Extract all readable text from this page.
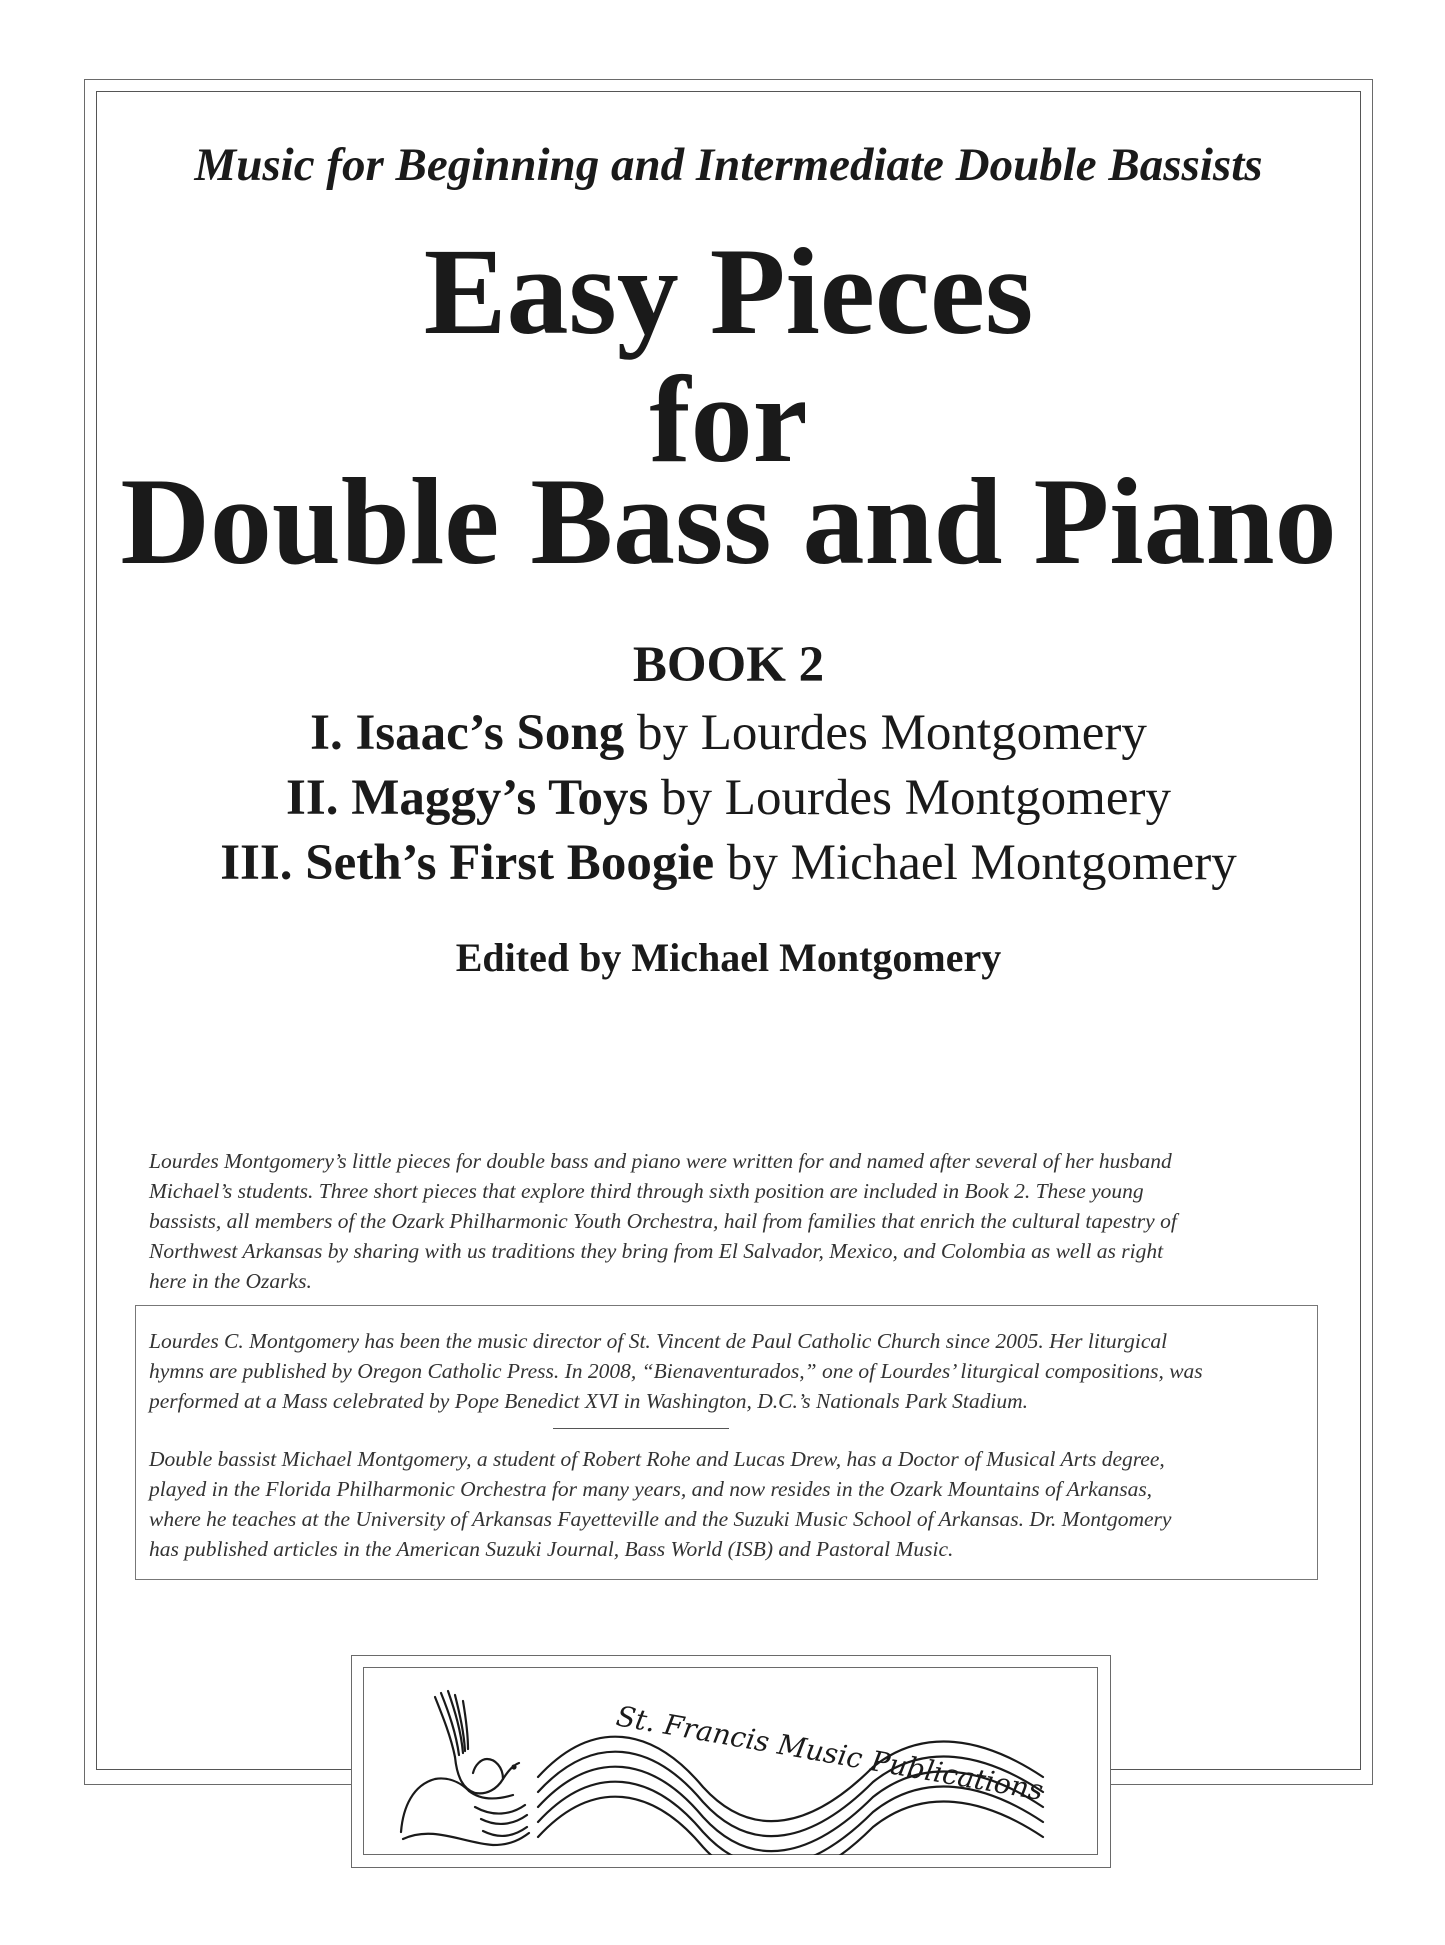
Music for Beginning and Intermediate Double Bassists
Easy Pieces
for
Double Bass and Piano
BOOK 2
I. Isaac’s Song by Lourdes Montgomery
II. Maggy’s Toys by Lourdes Montgomery
III. Seth’s First Boogie by Michael Montgomery
Edited by Michael Montgomery

Lourdes Montgomery’s little pieces for double bass and piano were written for and named after several of her husband

Michael’s students. Three short pieces that explore third through sixth position are included in Book 2. These young

bassists, all members of the Ozark Philharmonic Youth Orchestra, hail from families that enrich the cultural tapestry of

Northwest Arkansas by sharing with us traditions they bring from El Salvador, Mexico, and Colombia as well as right

here in the Ozarks.

Lourdes C. Montgomery has been the music director of St. Vincent de Paul Catholic Church since 2005. Her liturgical
hymns are published by Oregon Catholic Press. In 2008, “Bienaventurados,” one of Lourdes’ liturgical compositions, was
performed at a Mass celebrated by Pope Benedict XVI in Washington, D.C.’s Nationals Park Stadium.
Double bassist Michael Montgomery, a student of Robert Rohe and Lucas Drew, has a Doctor of Musical Arts degree,
played in the Florida Philharmonic Orchestra for many years, and now resides in the Ozark Mountains of Arkansas,
where he teaches at the University of Arkansas Fayetteville and the Suzuki Music School of Arkansas. Dr. Montgomery
has published articles in the American Suzuki Journal, Bass World (ISB) and Pastoral Music.
St. Francis Music Publications
